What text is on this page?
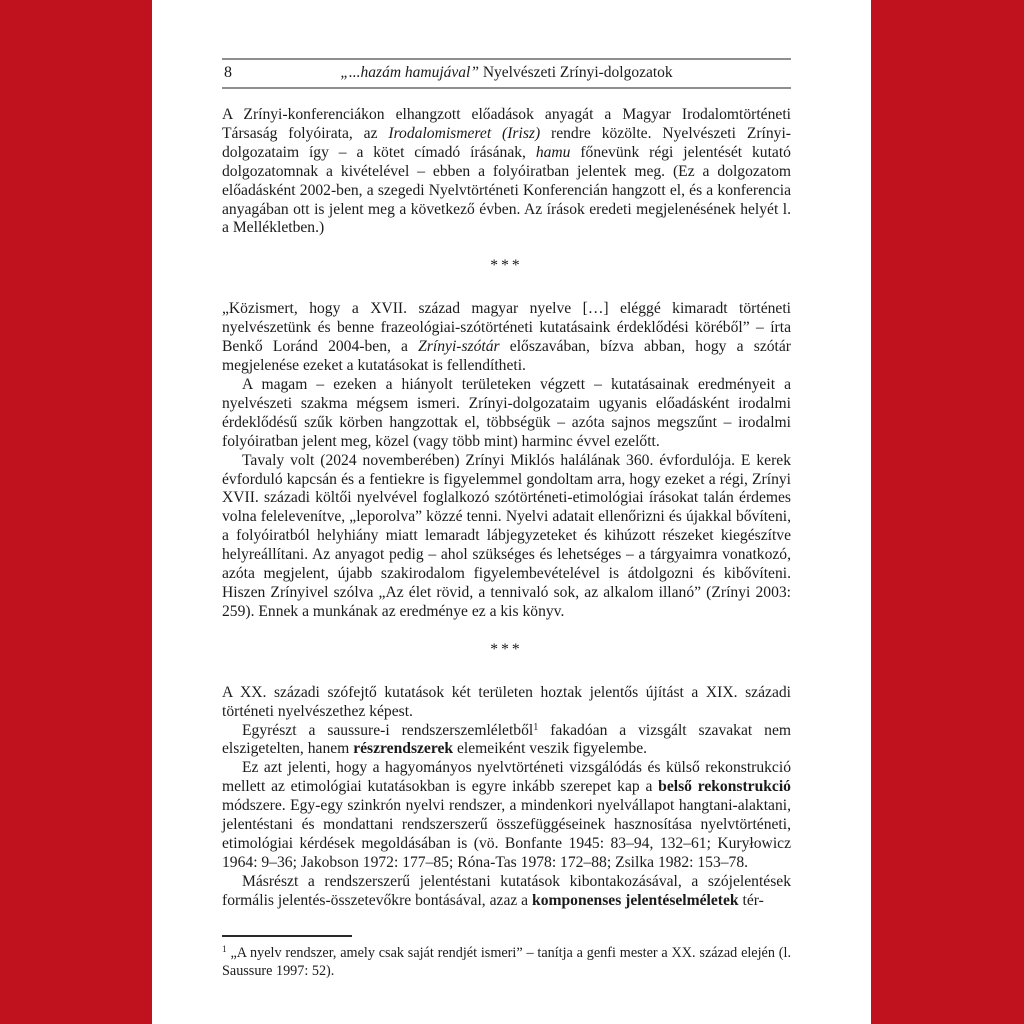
8	„...hazám hamujával” Nyelvészeti Zrínyi-dolgozatok

A Zrínyi-konferenciákon elhangzott előadások anyagát a Magyar Irodalomtörténeti Társaság folyóirata, az Irodalomismeret (Irisz) rendre közölte. Nyelvészeti Zrínyi-dolgozataim így – a kötet címadó írásának, hamu főnevünk régi jelentését kutató dolgozatomnak a kivételével – ebben a folyóiratban jelentek meg. (Ez a dolgozatom előadásként 2002-ben, a szegedi Nyelvtörténeti Konferencián hangzott el, és a konferencia anyagában ott is jelent meg a következő évben. Az írások eredeti megjelenésének helyét l. a Mellékletben.)

***

„Közismert, hogy a XVII. század magyar nyelve […] eléggé kimaradt történeti nyelvészetünk és benne frazeológiai-szótörténeti kutatásaink érdeklődési köréből” – írta Benkő Loránd 2004-ben, a Zrínyi-szótár előszavában, bízva abban, hogy a szótár megjelenése ezeket a kutatásokat is fellendítheti.

A magam – ezeken a hiányolt területeken végzett – kutatásainak eredményeit a nyelvészeti szakma mégsem ismeri. Zrínyi-dolgozataim ugyanis előadásként irodalmi érdeklődésű szűk körben hangzottak el, többségük – azóta sajnos megszűnt – irodalmi folyóiratban jelent meg, közel (vagy több mint) harminc évvel ezelőtt.

Tavaly volt (2024 novemberében) Zrínyi Miklós halálának 360. évfordulója. E kerek évforduló kapcsán és a fentiekre is figyelemmel gondoltam arra, hogy ezeket a régi, Zrínyi XVII. századi költői nyelvével foglalkozó szótörténeti-etimológiai írásokat talán érdemes volna felelevenítve, „leporolva” közzé tenni. Nyelvi adatait ellenőrizni és újakkal bővíteni, a folyóiratból helyhiány miatt lemaradt lábjegyzeteket és kihúzott részeket kiegészítve helyreállítani. Az anyagot pedig – ahol szükséges és lehetséges – a tárgyaimra vonatkozó, azóta megjelent, újabb szakirodalom figyelembevételével is átdolgozni és kibővíteni. Hiszen Zrínyivel szólva „Az élet rövid, a tennivaló sok, az alkalom illanó” (Zrínyi 2003: 259). Ennek a munkának az eredménye ez a kis könyv.

***

A XX. századi szófejtő kutatások két területen hoztak jelentős újítást a XIX. századi történeti nyelvészethez képest.

Egyrészt a saussure-i rendszerszemléletből$^1$ fakadóan a vizsgált szavakat nem elszigetelten, hanem részrendszerek elemeiként veszik figyelembe.

Ez azt jelenti, hogy a hagyományos nyelvtörténeti vizsgálódás és külső rekonstrukció mellett az etimológiai kutatásokban is egyre inkább szerepet kap a belső rekonstrukció módszere. Egy-egy szinkrón nyelvi rendszer, a mindenkori nyelvállapot hangtani-alaktani, jelentéstani és mondattani rendszerszerű összefüggéseinek hasznosítása nyelvtörténeti, etimológiai kérdések megoldásában is (vö. Bonfante 1945: 83–94, 132–61; Kuryłowicz 1964: 9–36; Jakobson 1972: 177–85; Róna-Tas 1978: 172–88; Zsilka 1982: 153–78.

Másrészt a rendszerszerű jelentéstani kutatások kibontakozásával, a szójelentések formális jelentés-összetevőkre bontásával, azaz a komponenses jelentéselméletek tér-

$^1$ „A nyelv rendszer, amely csak saját rendjét ismeri” – tanítja a genfi mester a XX. század elején (l. Saussure 1997: 52).
